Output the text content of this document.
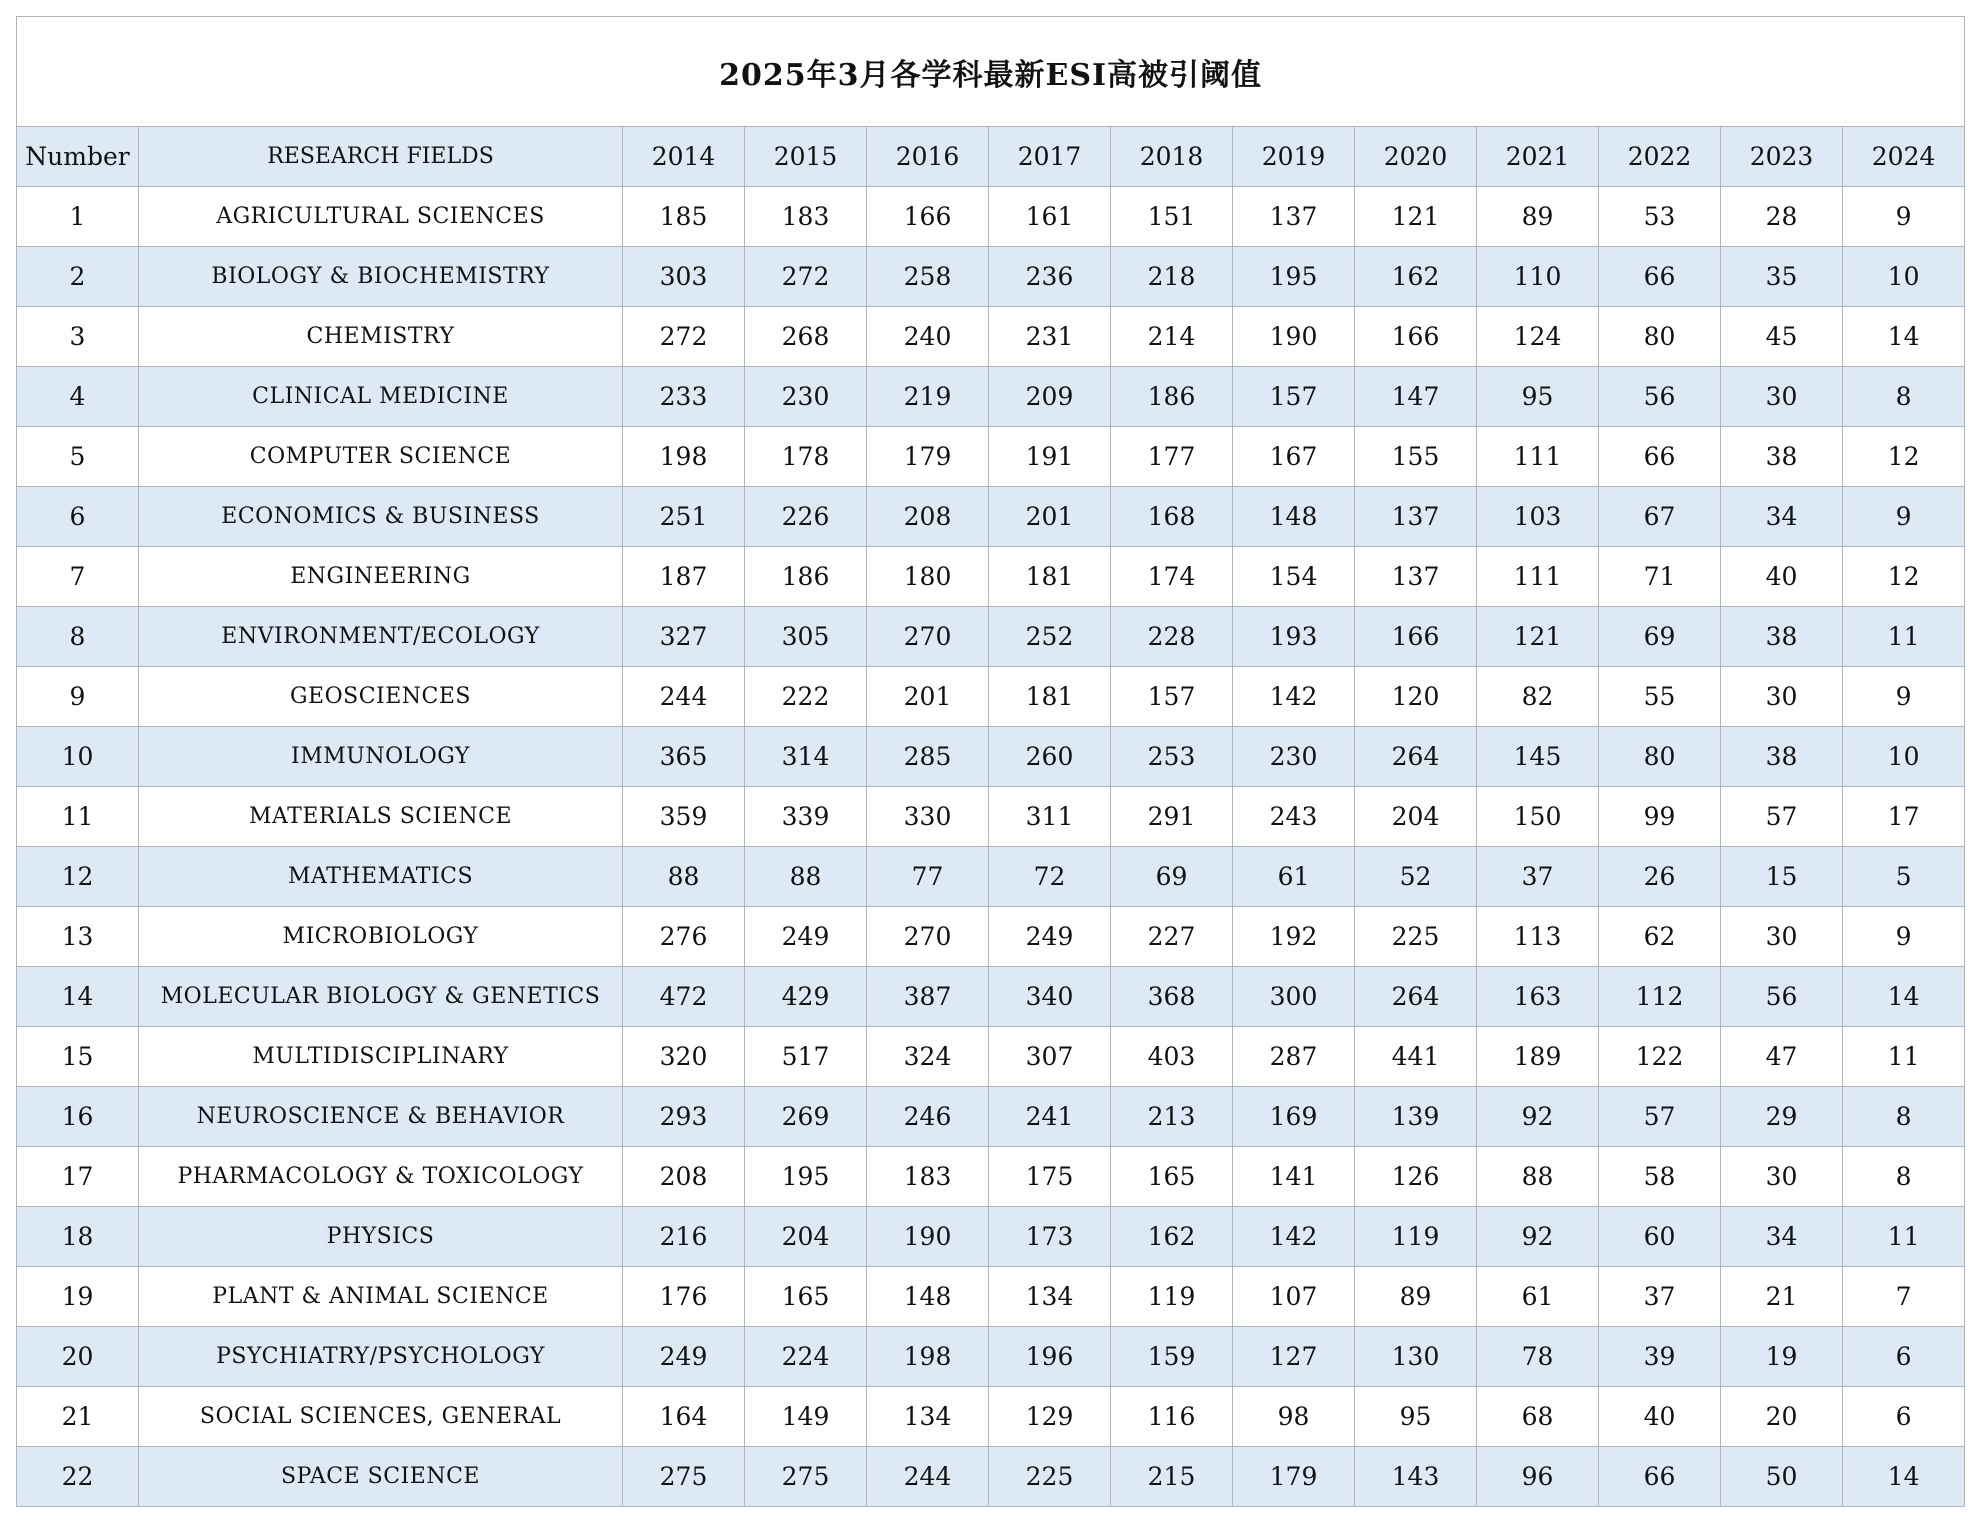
2025年3月各学科最新ESI高被引阈值												
Number	RESEARCH FIELDS	2014	2015	2016	2017	2018	2019	2020	2021	2022	2023	2024
1	AGRICULTURAL SCIENCES	185	183	166	161	151	137	121	89	53	28	9
2	BIOLOGY & BIOCHEMISTRY	303	272	258	236	218	195	162	110	66	35	10
3	CHEMISTRY	272	268	240	231	214	190	166	124	80	45	14
4	CLINICAL MEDICINE	233	230	219	209	186	157	147	95	56	30	8
5	COMPUTER SCIENCE	198	178	179	191	177	167	155	111	66	38	12
6	ECONOMICS & BUSINESS	251	226	208	201	168	148	137	103	67	34	9
7	ENGINEERING	187	186	180	181	174	154	137	111	71	40	12
8	ENVIRONMENT/ECOLOGY	327	305	270	252	228	193	166	121	69	38	11
9	GEOSCIENCES	244	222	201	181	157	142	120	82	55	30	9
10	IMMUNOLOGY	365	314	285	260	253	230	264	145	80	38	10
11	MATERIALS SCIENCE	359	339	330	311	291	243	204	150	99	57	17
12	MATHEMATICS	88	88	77	72	69	61	52	37	26	15	5
13	MICROBIOLOGY	276	249	270	249	227	192	225	113	62	30	9
14	MOLECULAR BIOLOGY & GENETICS	472	429	387	340	368	300	264	163	112	56	14
15	MULTIDISCIPLINARY	320	517	324	307	403	287	441	189	122	47	11
16	NEUROSCIENCE & BEHAVIOR	293	269	246	241	213	169	139	92	57	29	8
17	PHARMACOLOGY & TOXICOLOGY	208	195	183	175	165	141	126	88	58	30	8
18	PHYSICS	216	204	190	173	162	142	119	92	60	34	11
19	PLANT & ANIMAL SCIENCE	176	165	148	134	119	107	89	61	37	21	7
20	PSYCHIATRY/PSYCHOLOGY	249	224	198	196	159	127	130	78	39	19	6
21	SOCIAL SCIENCES, GENERAL	164	149	134	129	116	98	95	68	40	20	6
22	SPACE SCIENCE	275	275	244	225	215	179	143	96	66	50	14
